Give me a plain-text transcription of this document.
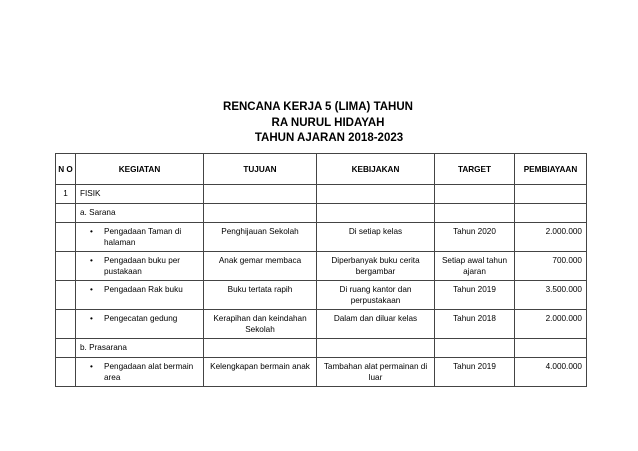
RENCANA KERJA 5 (LIMA) TAHUN
RA NURUL HIDAYAH
TAHUN AJARAN 2018-2023
N O	KEGIATAN	TUJUAN	KEBIJAKAN	TARGET	PEMBIAYAAN
1	FISIK				
	a. Sarana				

	• Pengadaan Taman di halaman	Penghijauan Sekolah	Di setiap kelas	Tahun 2020	2.000.000

	• Pengadaan buku per pustakaan	Anak gemar membaca	Diperbanyak buku cerita bergambar	Setiap awal tahun ajaran	700.000

	• Pengadaan Rak buku	Buku tertata rapih	Di ruang kantor dan perpustakaan	Tahun 2019	3.500.000

	• Pengecatan gedung	Kerapihan dan keindahan Sekolah	Dalam dan diluar kelas	Tahun 2018	2.000.000
	b. Prasarana				

	• Pengadaan alat bermain area	Kelengkapan bermain anak	Tambahan alat permainan di luar	Tahun 2019	4.000.000
